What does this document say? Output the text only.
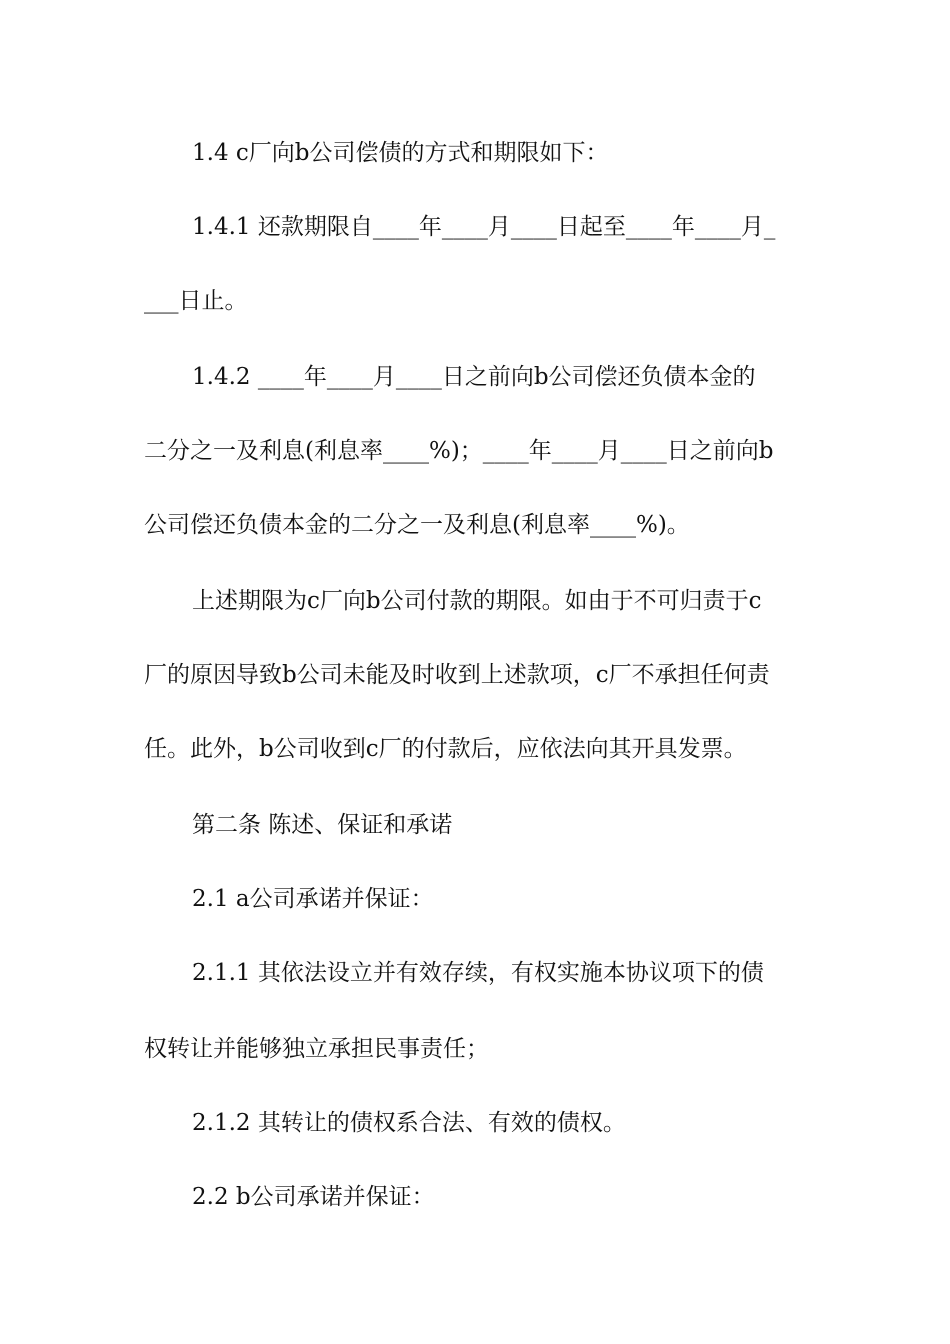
1.4 c厂向b公司偿债的方式和期限如下：
1.4.1 还款期限自____年____月____日起至____年____月_
___日止。
1.4.2 ____年____月____日之前向b公司偿还负债本金的
二分之一及利息(利息率____%)；____年____月____日之前向b
公司偿还负债本金的二分之一及利息(利息率____%)。
上述期限为c厂向b公司付款的期限。如由于不可归责于c
厂的原因导致b公司未能及时收到上述款项，c厂不承担任何责
任。此外，b公司收到c厂的付款后，应依法向其开具发票。
第二条 陈述、保证和承诺
2.1 a公司承诺并保证：
2.1.1 其依法设立并有效存续，有权实施本协议项下的债
权转让并能够独立承担民事责任；
2.1.2 其转让的债权系合法、有效的债权。
2.2 b公司承诺并保证：
